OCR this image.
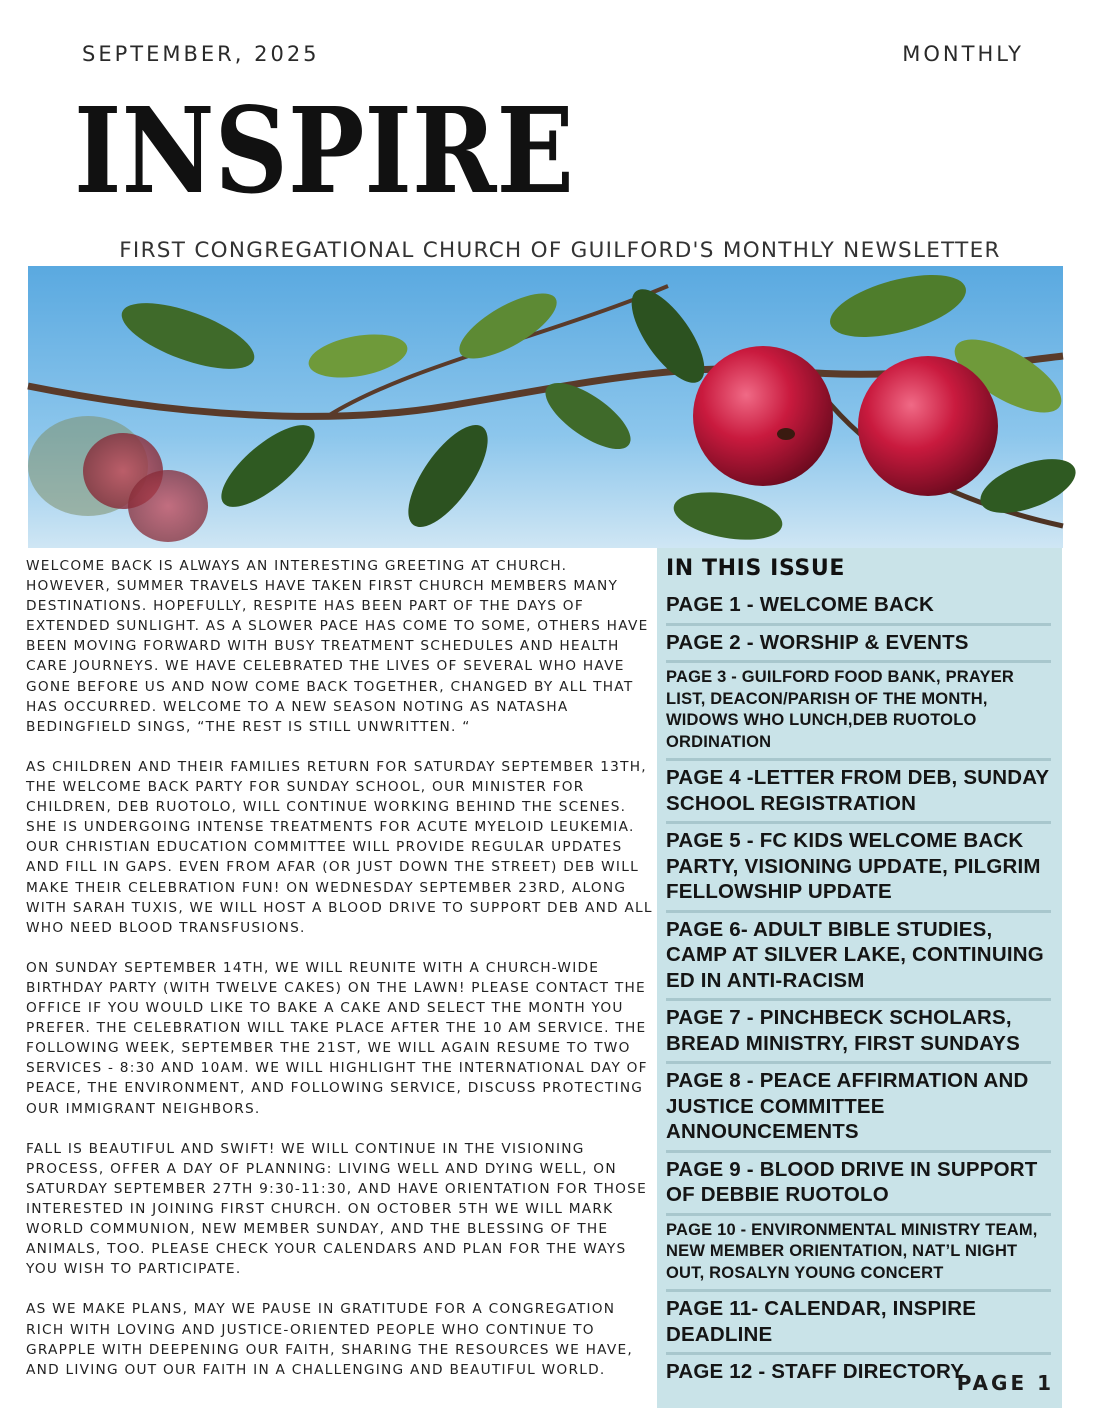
SEPTEMBER, 2025	MONTHLY
INSPIRE
FIRST CONGREGATIONAL CHURCH OF GUILFORD'S MONTHLY NEWSLETTER

WELCOME BACK IS ALWAYS AN INTERESTING GREETING AT CHURCH. HOWEVER, SUMMER TRAVELS HAVE TAKEN FIRST CHURCH MEMBERS MANY DESTINATIONS. HOPEFULLY, RESPITE HAS BEEN PART OF THE DAYS OF EXTENDED SUNLIGHT. AS A SLOWER PACE HAS COME TO SOME, OTHERS HAVE BEEN MOVING FORWARD WITH BUSY TREATMENT SCHEDULES AND HEALTH CARE JOURNEYS. WE HAVE CELEBRATED THE LIVES OF SEVERAL WHO HAVE GONE BEFORE US AND NOW COME BACK TOGETHER, CHANGED BY ALL THAT HAS OCCURRED. WELCOME TO A NEW SEASON NOTING AS NATASHA BEDINGFIELD SINGS, “THE REST IS STILL UNWRITTEN. “

AS CHILDREN AND THEIR FAMILIES RETURN FOR SATURDAY SEPTEMBER 13TH, THE WELCOME BACK PARTY FOR SUNDAY SCHOOL, OUR MINISTER FOR CHILDREN, DEB RUOTOLO, WILL CONTINUE WORKING BEHIND THE SCENES. SHE IS UNDERGOING INTENSE TREATMENTS FOR ACUTE MYELOID LEUKEMIA. OUR CHRISTIAN EDUCATION COMMITTEE WILL PROVIDE REGULAR UPDATES AND FILL IN GAPS. EVEN FROM AFAR (OR JUST DOWN THE STREET) DEB WILL MAKE THEIR CELEBRATION FUN! ON WEDNESDAY SEPTEMBER 23RD, ALONG WITH SARAH TUXIS, WE WILL HOST A BLOOD DRIVE TO SUPPORT DEB AND ALL WHO NEED BLOOD TRANSFUSIONS.

ON SUNDAY SEPTEMBER 14TH, WE WILL REUNITE WITH A CHURCH-WIDE BIRTHDAY PARTY (WITH TWELVE CAKES) ON THE LAWN! PLEASE CONTACT THE OFFICE IF YOU WOULD LIKE TO BAKE A CAKE AND SELECT THE MONTH YOU PREFER. THE CELEBRATION WILL TAKE PLACE AFTER THE 10 AM SERVICE. THE FOLLOWING WEEK, SEPTEMBER THE 21ST, WE WILL AGAIN RESUME TO TWO SERVICES - 8:30 AND 10AM. WE WILL HIGHLIGHT THE INTERNATIONAL DAY OF PEACE, THE ENVIRONMENT, AND FOLLOWING SERVICE, DISCUSS PROTECTING OUR IMMIGRANT NEIGHBORS.

FALL IS BEAUTIFUL AND SWIFT! WE WILL CONTINUE IN THE VISIONING PROCESS, OFFER A DAY OF PLANNING: LIVING WELL AND DYING WELL, ON SATURDAY SEPTEMBER 27TH 9:30-11:30, AND HAVE ORIENTATION FOR THOSE INTERESTED IN JOINING FIRST CHURCH. ON OCTOBER 5TH WE WILL MARK WORLD COMMUNION, NEW MEMBER SUNDAY, AND THE BLESSING OF THE ANIMALS, TOO. PLEASE CHECK YOUR CALENDARS AND PLAN FOR THE WAYS YOU WISH TO PARTICIPATE.

AS WE MAKE PLANS, MAY WE PAUSE IN GRATITUDE FOR A CONGREGATION RICH WITH LOVING AND JUSTICE-ORIENTED PEOPLE WHO CONTINUE TO GRAPPLE WITH DEEPENING OUR FAITH, SHARING THE RESOURCES WE HAVE, AND LIVING OUT OUR FAITH IN A CHALLENGING AND BEAUTIFUL WORLD.

IN THIS ISSUE
PAGE 1 - WELCOME BACK
PAGE 2 - WORSHIP & EVENTS
PAGE 3 - GUILFORD FOOD BANK, PRAYER LIST, DEACON/PARISH OF THE MONTH, WIDOWS WHO LUNCH,DEB RUOTOLO ORDINATION
PAGE 4 -LETTER FROM DEB, SUNDAY SCHOOL REGISTRATION
PAGE 5 - FC KIDS WELCOME BACK PARTY, VISIONING UPDATE, PILGRIM FELLOWSHIP UPDATE
PAGE 6- ADULT BIBLE STUDIES, CAMP AT SILVER LAKE, CONTINUING ED IN ANTI-RACISM
PAGE 7 - PINCHBECK SCHOLARS, BREAD MINISTRY, FIRST SUNDAYS
PAGE 8 - PEACE AFFIRMATION AND JUSTICE COMMITTEE ANNOUNCEMENTS
PAGE 9 - BLOOD DRIVE IN SUPPORT OF DEBBIE RUOTOLO
PAGE 10 - ENVIRONMENTAL MINISTRY TEAM, NEW MEMBER ORIENTATION, NAT’L NIGHT OUT, ROSALYN YOUNG CONCERT
PAGE 11- CALENDAR, INSPIRE DEADLINE
PAGE 12 - STAFF DIRECTORY
PAGE 1
